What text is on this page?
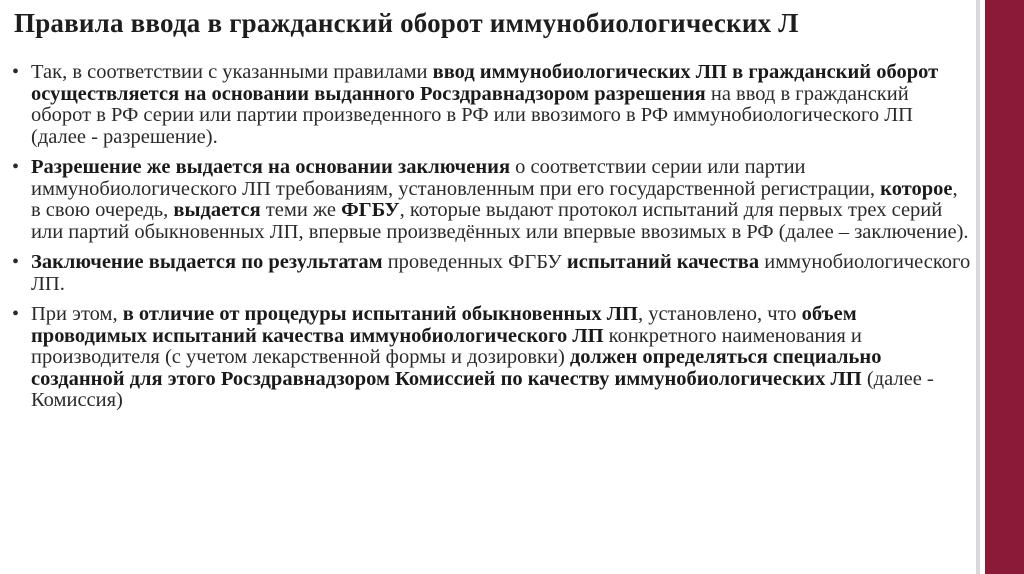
Правила ввода в гражданский оборот иммунобиологических Л
• Так, в соответствии с указанными правилами ввод иммунобиологических ЛП в гражданский оборот осуществляется на основании выданного Росздравнадзором разрешения на ввод в гражданский оборот в РФ серии или партии произведенного в РФ или ввозимого в РФ иммунобиологического ЛП (далее - разрешение).
• Разрешение же выдается на основании заключения о соответствии серии или партии иммунобиологического ЛП требованиям, установленным при его государственной регистрации, которое, в свою очередь, выдается теми же ФГБУ, которые выдают протокол испытаний для первых трех серий или партий обыкновенных ЛП, впервые произведённых или впервые ввозимых в РФ (далее – заключение).
• Заключение выдается по результатам проведенных ФГБУ испытаний качества иммунобиологического ЛП.
• При этом, в отличие от процедуры испытаний обыкновенных ЛП, установлено, что объем проводимых испытаний качества иммунобиологического ЛП конкретного наименования и производителя (с учетом лекарственной формы и дозировки) должен определяться специально созданной для этого Росздравнадзором Комиссией по качеству иммунобиологических ЛП (далее - Комиссия)
